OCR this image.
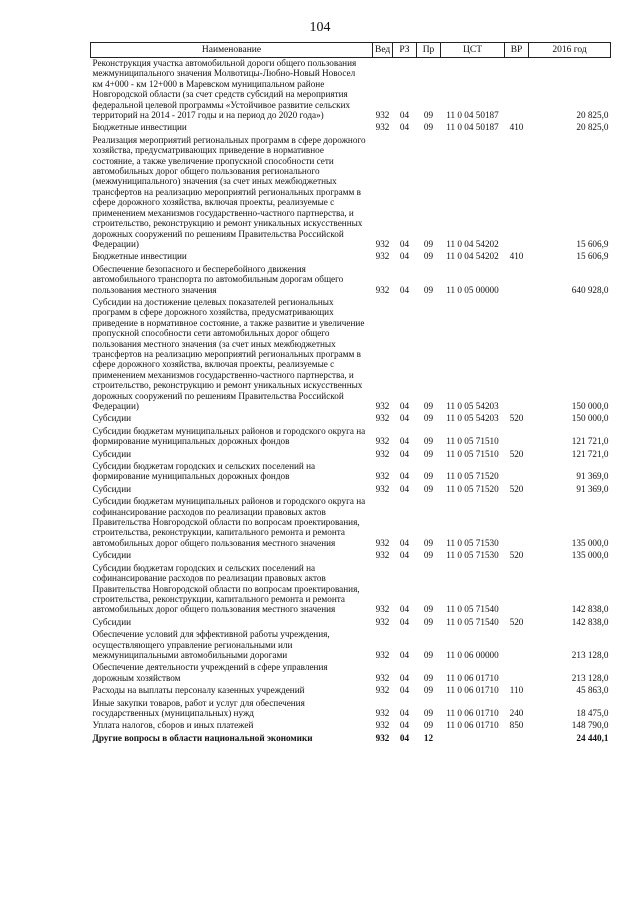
104
Наименование	Вед	РЗ	Пр	ЦСТ	ВР	2016 год
Реконструкция участка автомобильной дороги общего пользования межмуниципального значения Молвотицы-Любно-Новый Новосел км 4+000 - км 12+000 в Маревском муниципальном районе Новгородской области (за счет средств субсидий на мероприятия федеральной целевой программы «Устойчивое развитие сельских территорий на 2014 - 2017 годы и на период до 2020 года»)	932	04	09	11 0 04 50187		20 825,0
Бюджетные инвестиции	932	04	09	11 0 04 50187	410	20 825,0
Реализация мероприятий региональных программ в сфере дорожного хозяйства, предусматривающих приведение в нормативное состояние, а также увеличение пропускной способности сети автомобильных дорог общего пользования регионального (межмуниципального) значения (за счет иных межбюджетных трансфертов на реализацию мероприятий региональных программ в сфере дорожного хозяйства, включая проекты, реализуемые с применением механизмов государственно-частного партнерства, и строительство, реконструкцию и ремонт уникальных искусственных дорожных сооружений по решениям Правительства Российской Федерации)	932	04	09	11 0 04 54202		15 606,9
Бюджетные инвестиции	932	04	09	11 0 04 54202	410	15 606,9
Обеспечение безопасного и бесперебойного движения автомобильного транспорта по автомобильным дорогам общего пользования местного значения	932	04	09	11 0 05 00000		640 928,0
Субсидии на достижение целевых показателей региональных программ в сфере дорожного хозяйства, предусматривающих приведение в нормативное состояние, а также развитие и увеличение пропускной способности сети автомобильных дорог общего пользования местного значения (за счет иных межбюджетных трансфертов на реализацию мероприятий региональных программ в сфере дорожного хозяйства, включая проекты, реализуемые с применением механизмов государственно-частного партнерства, и строительство, реконструкцию и ремонт уникальных искусственных дорожных сооружений по решениям Правительства Российской Федерации)	932	04	09	11 0 05 54203		150 000,0
Субсидии	932	04	09	11 0 05 54203	520	150 000,0
Субсидии бюджетам муниципальных районов и городского округа на формирование муниципальных дорожных фондов	932	04	09	11 0 05 71510		121 721,0
Субсидии	932	04	09	11 0 05 71510	520	121 721,0
Субсидии бюджетам городских и сельских поселений на формирование муниципальных дорожных фондов	932	04	09	11 0 05 71520		91 369,0
Субсидии	932	04	09	11 0 05 71520	520	91 369,0
Субсидии бюджетам муниципальных районов и городского округа на софинансирование расходов по реализации правовых актов Правительства Новгородской области по вопросам проектирования, строительства, реконструкции, капитального ремонта и ремонта автомобильных дорог общего пользования местного значения	932	04	09	11 0 05 71530		135 000,0
Субсидии	932	04	09	11 0 05 71530	520	135 000,0
Субсидии бюджетам городских и сельских поселений на софинансирование расходов по реализации правовых актов Правительства Новгородской области по вопросам проектирования, строительства, реконструкции, капитального ремонта и ремонта автомобильных дорог общего пользования местного значения	932	04	09	11 0 05 71540		142 838,0
Субсидии	932	04	09	11 0 05 71540	520	142 838,0
Обеспечение условий для эффективной работы учреждения, осуществляющего управление региональными или межмуниципальными автомобильными дорогами	932	04	09	11 0 06 00000		213 128,0
Обеспечение деятельности учреждений в сфере управления дорожным хозяйством	932	04	09	11 0 06 01710		213 128,0
Расходы на выплаты персоналу казенных учреждений	932	04	09	11 0 06 01710	110	45 863,0
Иные закупки товаров, работ и услуг для обеспечения государственных (муниципальных) нужд	932	04	09	11 0 06 01710	240	18 475,0
Уплата налогов, сборов и иных платежей	932	04	09	11 0 06 01710	850	148 790,0
Другие вопросы в области национальной экономики	932	04	12			24 440,1
